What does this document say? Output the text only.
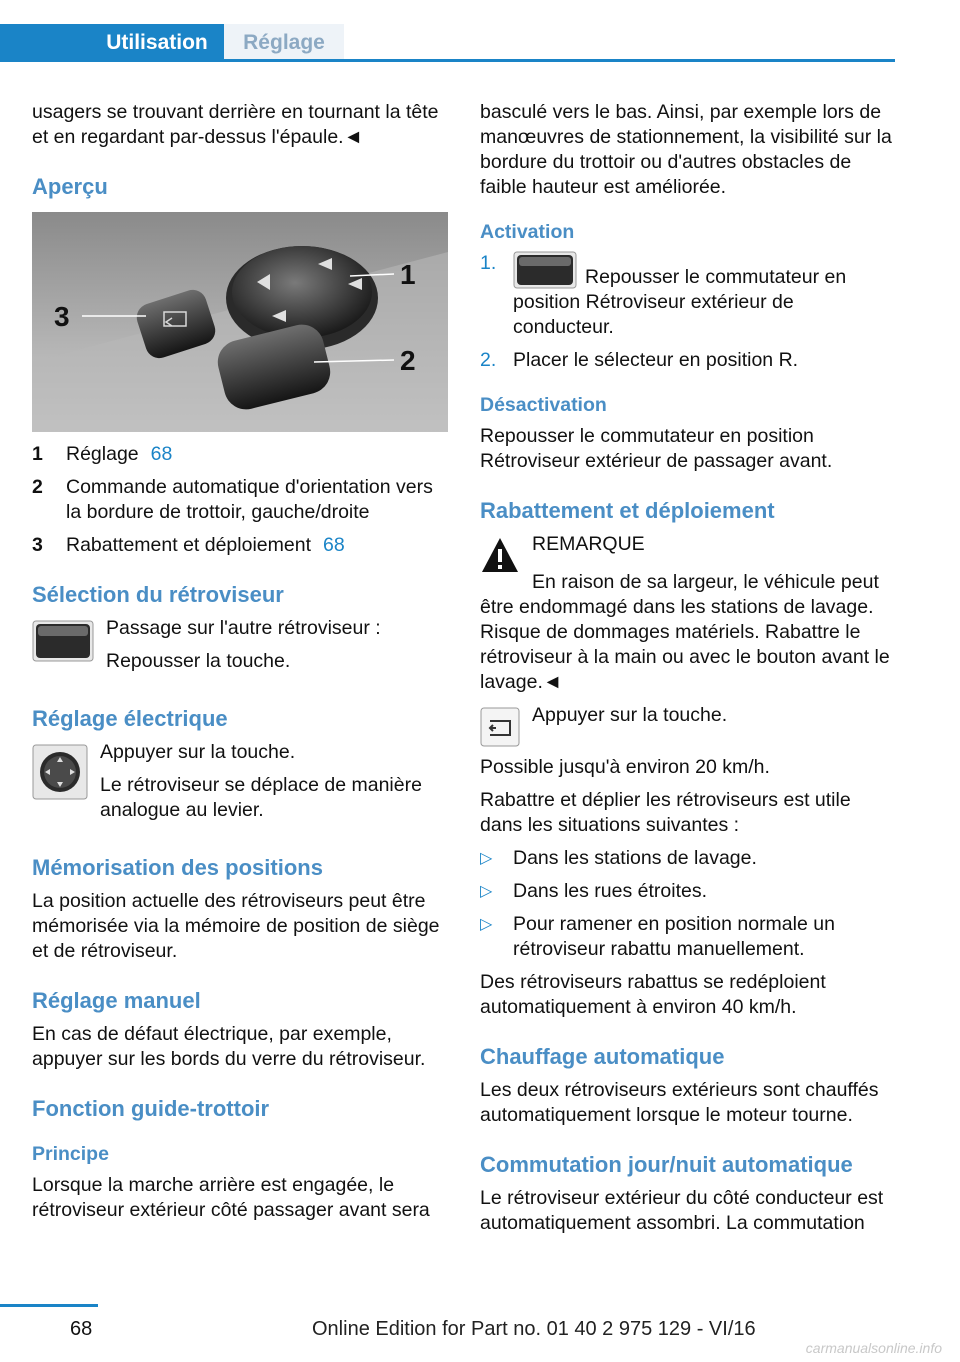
Utilisation	Réglage

usagers se trouvant derrière en tournant la tête et en regardant par-dessus l'épaule.◄

Aperçu
1
2
3
1	Réglage 68
2	Commande automatique d'orientation vers la bordure de trottoir, gauche/droite
3	Rabattement et déploiement 68
Sélection du rétroviseur

Passage sur l'autre rétroviseur :

Repousser la touche.

Réglage électrique

Appuyer sur la touche.

Le rétroviseur se déplace de manière analogue au levier.

Mémorisation des positions

La position actuelle des rétroviseurs peut être mémorisée via la mémoire de position de siège et de rétroviseur.

Réglage manuel

En cas de défaut électrique, par exemple, appuyer sur les bords du verre du rétroviseur.

Fonction guide-trottoir
Principe

Lorsque la marche arrière est engagée, le rétroviseur extérieur côté passager avant sera

basculé vers le bas. Ainsi, par exemple lors de manœuvres de stationnement, la visibilité sur la bordure du trottoir ou d'autres obstacles de faible hauteur est améliorée.

Activation
1.
Repousser le commutateur en position Rétroviseur extérieur de conducteur.
2. Placer le sélecteur en position R.
Désactivation

Repousser le commutateur en position Rétroviseur extérieur de passager avant.

Rabattement et déploiement

REMARQUE

En raison de sa largeur, le véhicule peut être endommagé dans les stations de lavage. Risque de dommages matériels. Rabattre le rétroviseur à la main ou avec le bouton avant le lavage.◄

Appuyer sur la touche.

Possible jusqu'à environ 20 km/h.

Rabattre et déplier les rétroviseurs est utile dans les situations suivantes :

▷	Dans les stations de lavage.
▷	Dans les rues étroites.
▷	Pour ramener en position normale un rétroviseur rabattu manuellement.

Des rétroviseurs rabattus se redéploient automatiquement à environ 40 km/h.

Chauffage automatique

Les deux rétroviseurs extérieurs sont chauffés automatiquement lorsque le moteur tourne.

Commutation jour/nuit automatique

Le rétroviseur extérieur du côté conducteur est automatiquement assombri. La commutation

68	Online Edition for Part no. 01 40 2 975 129 - VI/16
carmanualsonline.info
